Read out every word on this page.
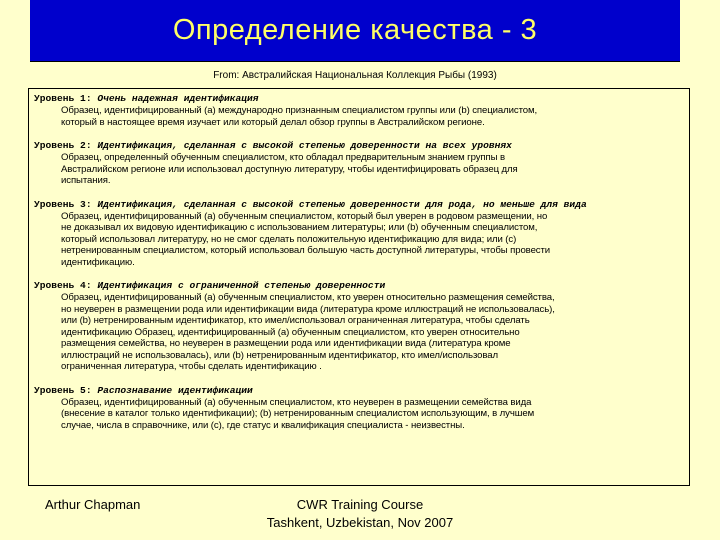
Определение качества - 3
From: Австралийская Национальная Коллекция Рыбы (1993)
Уровень 1: Очень надежная идентификация
Образец, идентифицированный (a) международно признанным специалистом группы или (b) специалистом,
который в настоящее время изучает или который делал обзор группы в Австралийском регионе.
Уровень 2: Идентификация, сделанная с высокой степенью доверенности на всех уровнях
Образец, определенный обученным специалистом, кто обладал предварительным знанием группы в
Австралийском регионе или использовал доступную литературу, чтобы идентифицировать образец для
испытания.
Уровень 3: Идентификация, сделанная с высокой степенью доверенности для рода, но меньше для вида
Образец, идентифицированный (a) обученным специалистом, который был уверен в родовом размещении, но
не доказывал их видовую идентификацию с использованием литературы; или (b) обученным специалистом,
который использовал литературу, но не смог сделать положительную идентификацию для вида; или (c)
нетренированным специалистом, который использовал большую часть доступной литературы, чтобы провести
идентификацию.
Уровень 4: Идентификация с ограниченной степенью доверенности
Образец, идентифицированный (a) обученным специалистом, кто уверен относительно размещения семейства,
но неуверен в размещении рода или идентификации вида (литература кроме иллюстраций не использовалась),
или (b) нетренированным идентификатор, кто имел/использовал ограниченная литература, чтобы сделать
идентификацию Образец, идентифицированный (a) обученным специалистом, кто уверен относительно
размещения семейства, но неуверен в размещении рода или идентификации вида (литература кроме
иллюстраций не использовалась), или (b) нетренированным идентификатор, кто имел/использовал
ограниченная литература, чтобы сделать идентификацию .
Уровень 5: Распознавание идентификации
Образец, идентифицированный (a) обученным специалистом, кто неуверен в размещении семейства вида
(внесение в каталог только идентификации); (b) нетренированным специалистом использующим, в лучшем
случае, числа в справочнике, или (c), где статус и квалификация специалиста - неизвестны.
Arthur Chapman	CWR Training Course
Tashkent, Uzbekistan, Nov 2007
